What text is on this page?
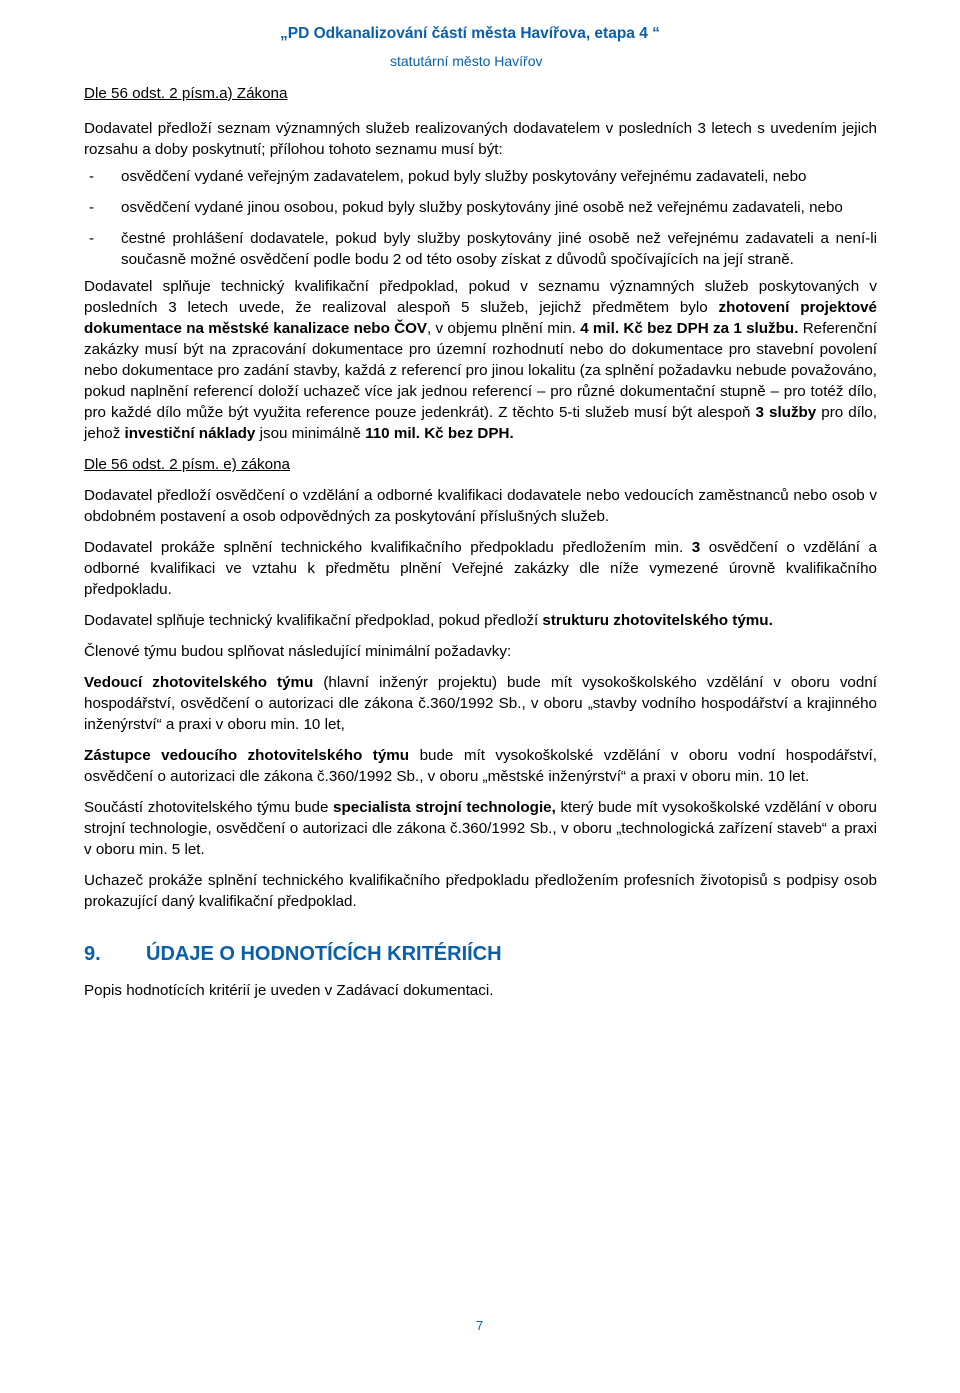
„PD Odkanalizování částí města Havířova, etapa 4 “
statutární město Havířov

Dle 56 odst. 2 písm.a) Zákona

Dodavatel předloží seznam významných služeb realizovaných dodavatelem v posledních 3 letech s uvedením jejich rozsahu a doby poskytnutí; přílohou tohoto seznamu musí být:

- osvědčení vydané veřejným zadavatelem, pokud byly služby poskytovány veřejnému zadavateli, nebo
- osvědčení vydané jinou osobou, pokud byly služby poskytovány jiné osobě než veřejnému zadavateli, nebo
- čestné prohlášení dodavatele, pokud byly služby poskytovány jiné osobě než veřejnému zadavateli a není-li současně možné osvědčení podle bodu 2 od této osoby získat z důvodů spočívajících na její straně.

Dodavatel splňuje technický kvalifikační předpoklad, pokud v seznamu významných služeb poskytovaných v posledních 3 letech uvede, že realizoval alespoň 5 služeb, jejichž předmětem bylo zhotovení projektové dokumentace na městské kanalizace nebo ČOV, v objemu plnění min. 4 mil. Kč bez DPH za 1 službu. Referenční zakázky musí být na zpracování dokumentace pro územní rozhodnutí nebo do dokumentace pro stavební povolení nebo dokumentace pro zadání stavby, každá z referencí pro jinou lokalitu (za splnění požadavku nebude považováno, pokud naplnění referencí doloží uchazeč více jak jednou referencí – pro různé dokumentační stupně – pro totéž dílo, pro každé dílo může být využita reference pouze jedenkrát). Z těchto 5-ti služeb musí být alespoň 3 služby pro dílo, jehož investiční náklady jsou minimálně 110 mil. Kč bez DPH.

Dle 56 odst. 2 písm. e) zákona

Dodavatel předloží osvědčení o vzdělání a odborné kvalifikaci dodavatele nebo vedoucích zaměstnanců nebo osob v obdobném postavení a osob odpovědných za poskytování příslušných služeb.

Dodavatel prokáže splnění technického kvalifikačního předpokladu předložením min. 3 osvědčení o vzdělání a odborné kvalifikaci ve vztahu k předmětu plnění Veřejné zakázky dle níže vymezené úrovně kvalifikačního předpokladu.

Dodavatel splňuje technický kvalifikační předpoklad, pokud předloží strukturu zhotovitelského týmu.

Členové týmu budou splňovat následující minimální požadavky:

Vedoucí zhotovitelského týmu (hlavní inženýr projektu) bude mít vysokoškolského vzdělání v oboru vodní hospodářství, osvědčení o autorizaci dle zákona č.360/1992 Sb., v oboru „stavby vodního hospodářství a krajinného inženýrství“ a praxi v oboru min. 10 let,

Zástupce vedoucího zhotovitelského týmu bude mít vysokoškolské vzdělání v oboru vodní hospodářství, osvědčení o autorizaci dle zákona č.360/1992 Sb., v oboru „městské inženýrství“ a praxi v oboru min. 10 let.

Součástí zhotovitelského týmu bude specialista strojní technologie, který bude mít vysokoškolské vzdělání v oboru strojní technologie, osvědčení o autorizaci dle zákona č.360/1992 Sb., v oboru „technologická zařízení staveb“ a praxi v oboru min. 5 let.

Uchazeč prokáže splnění technického kvalifikačního předpokladu předložením profesních životopisů s podpisy osob prokazující daný kvalifikační předpoklad.

9. ÚDAJE O HODNOTÍCÍCH KRITÉRIÍCH

Popis hodnotících kritérií je uveden v Zadávací dokumentaci.

7
